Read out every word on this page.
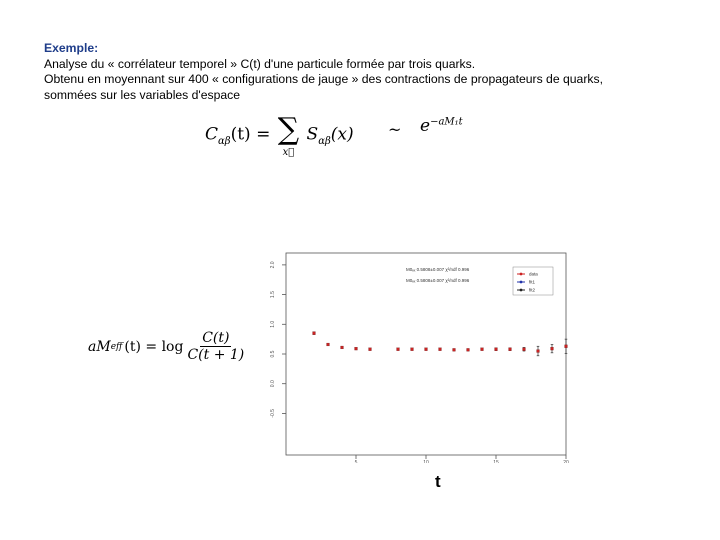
Exemple:
Analyse du « corrélateur temporel » C(t) d'une particule formée par trois quarks.
Obtenu en moyennant sur 400 « configurations de jauge » des contractions de propagateurs de quarks,
sommées sur les variables d'espace
$C_{\alpha\beta}(t)$ = ∑
x⃗
$S_{\alpha\beta}(x)$ ~ $e^{-aM_1t}$
aM eff $(t) = \log \frac{C(t)}{C(t + 1)}$
2.0
1.5
1.0
0.5
0.0
-0.5
5	10	15	20
M0ₑₓ 0.5808±0.007 χ²/ndf 0.996
M0ₑₓ 0.5808±0.007 χ²/ndf 0.996
data
fit1
fit2
t
